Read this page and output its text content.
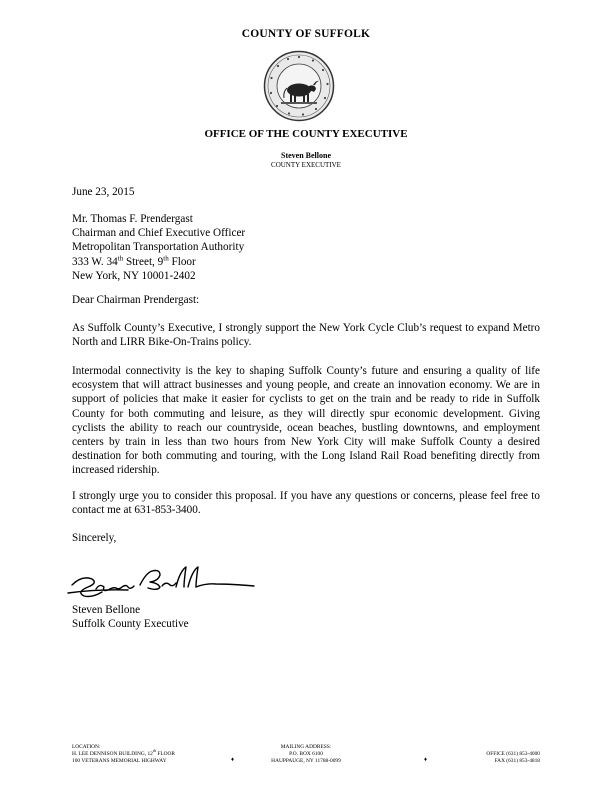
COUNTY OF SUFFOLK
OFFICE OF THE COUNTY EXECUTIVE
Steven Bellone
COUNTY EXECUTIVE
June 23, 2015
Mr. Thomas F. Prendergast
Chairman and Chief Executive Officer
Metropolitan Transportation Authority
333 W. 34th Street, 9th Floor
New York, NY 10001-2402
Dear Chairman Prendergast:
As Suffolk County’s Executive, I strongly support the New York Cycle Club’s request to expand Metro North and LIRR Bike-On-Trains policy.
Intermodal connectivity is the key to shaping Suffolk County’s future and ensuring a quality of life ecosystem that will attract businesses and young people, and create an innovation economy. We are in support of policies that make it easier for cyclists to get on the train and be ready to ride in Suffolk County for both commuting and leisure, as they will directly spur economic development. Giving cyclists the ability to reach our countryside, ocean beaches, bustling downtowns, and employment centers by train in less than two hours from New York City will make Suffolk County a desired destination for both commuting and touring, with the Long Island Rail Road benefiting directly from increased ridership.
I strongly urge you to consider this proposal. If you have any questions or concerns, please feel free to contact me at 631-853-3400.
Sincerely,
Steven Bellone
Suffolk County Executive
LOCATION:
H. LEE DENNISON BUILDING, 12th FLOOR
100 VETERANS MEMORIAL HIGHWAY
MAILING ADDRESS:
P.O. BOX 6100
HAUPPAUGE, NY 11788-0099

OFFICE (631) 853-4000
FAX (631) 853-4818
♦	♦
